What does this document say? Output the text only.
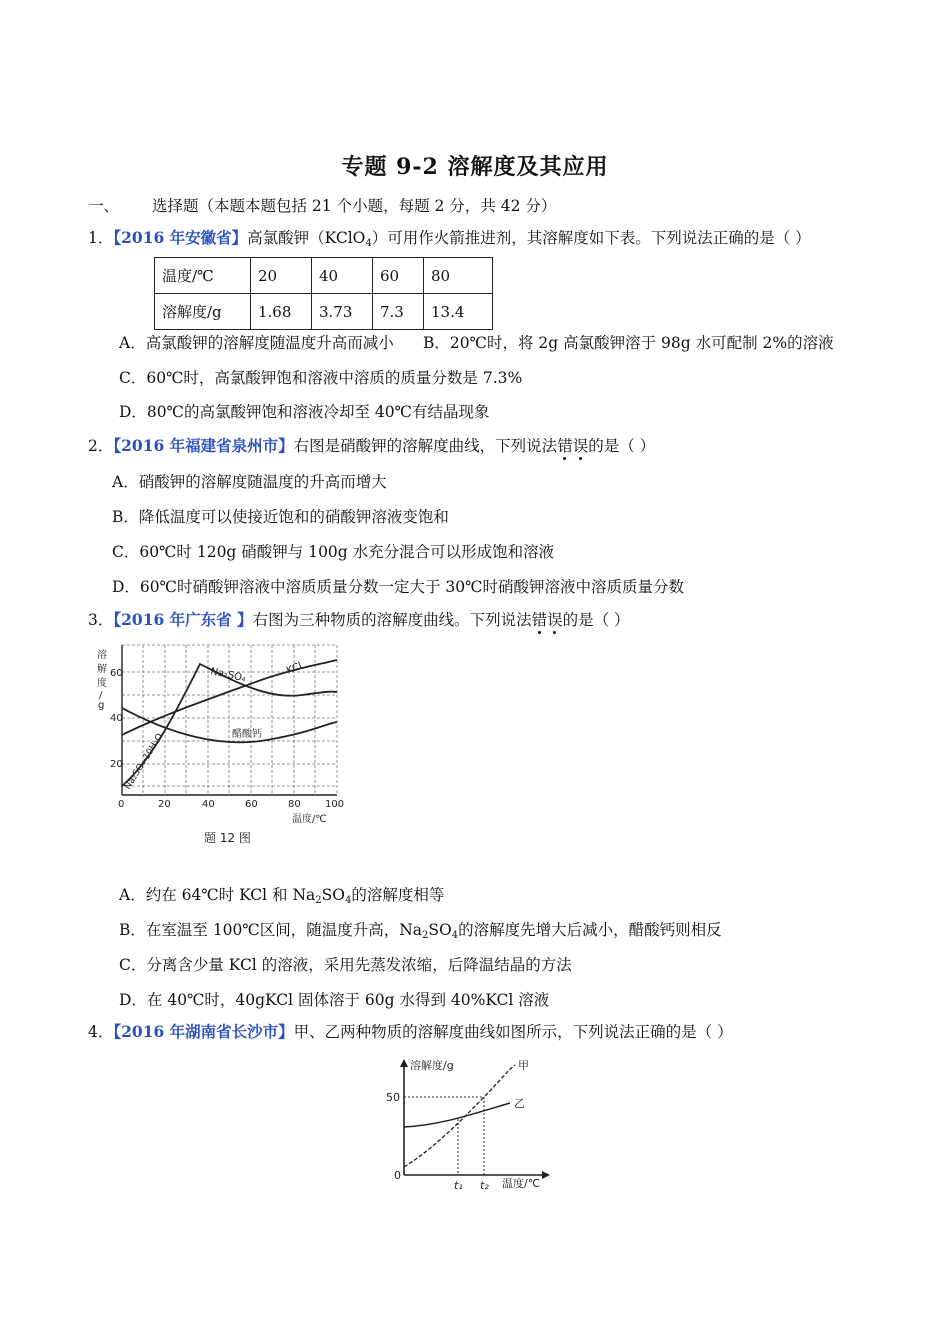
专题 9-2 溶解度及其应用
一、 选择题（本题本题包括 21 个小题，每题 2 分，共 42 分）
1．【2016 年安徽省】高氯酸钾（KClO$_4$）可用作火箭推进剂，其溶解度如下表。下列说法正确的是（ ）
温度/℃	20	40	60	80
溶解度/g	1.68	3.73	7.3	13.4
A．高氯酸钾的溶解度随温度升高而减小 B．20℃时，将 2g 高氯酸钾溶于 98g 水可配制 2%的溶液
C．60℃时，高氯酸钾饱和溶液中溶质的质量分数是 7.3%
D．80℃的高氯酸钾饱和溶液冷却至 40℃有结晶现象
2．【2016 年福建省泉州市】右图是硝酸钾的溶解度曲线，下列说法错误的是（ ）
A．硝酸钾的溶解度随温度的升高而增大
B．降低温度可以使接近饱和的硝酸钾溶液变饱和
C．60℃时 120g 硝酸钾与 100g 水充分混合可以形成饱和溶液
D．60℃时硝酸钾溶液中溶质质量分数一定大于 30℃时硝酸钾溶液中溶质质量分数
3．【2016 年广东省 】右图为三种物质的溶解度曲线。下列说法错误的是（ ）
溶
解
度
/
g
60
40
20
0	20	40	60	80 100
温度/℃
Na₂SO₄	KCl
醋酸钙
Na₂SO₄·10H₂O
题 12 图
A．约在 64℃时 KCl 和 $Na_2SO_4$的溶解度相等
B．在室温至 100℃区间，随温度升高，$Na_2SO_4$的溶解度先增大后减小，醋酸钙则相反
C．分离含少量 KCl 的溶液，采用先蒸发浓缩，后降温结晶的方法
D．在 40℃时，40gKCl 固体溶于 60g 水得到 40%KCl 溶液
4．【2016 年湖南省长沙市】甲、乙两种物质的溶解度曲线如图所示，下列说法正确的是（ ）
溶解度/g
50
0
t₁ t₂ 温度/℃
甲
乙
